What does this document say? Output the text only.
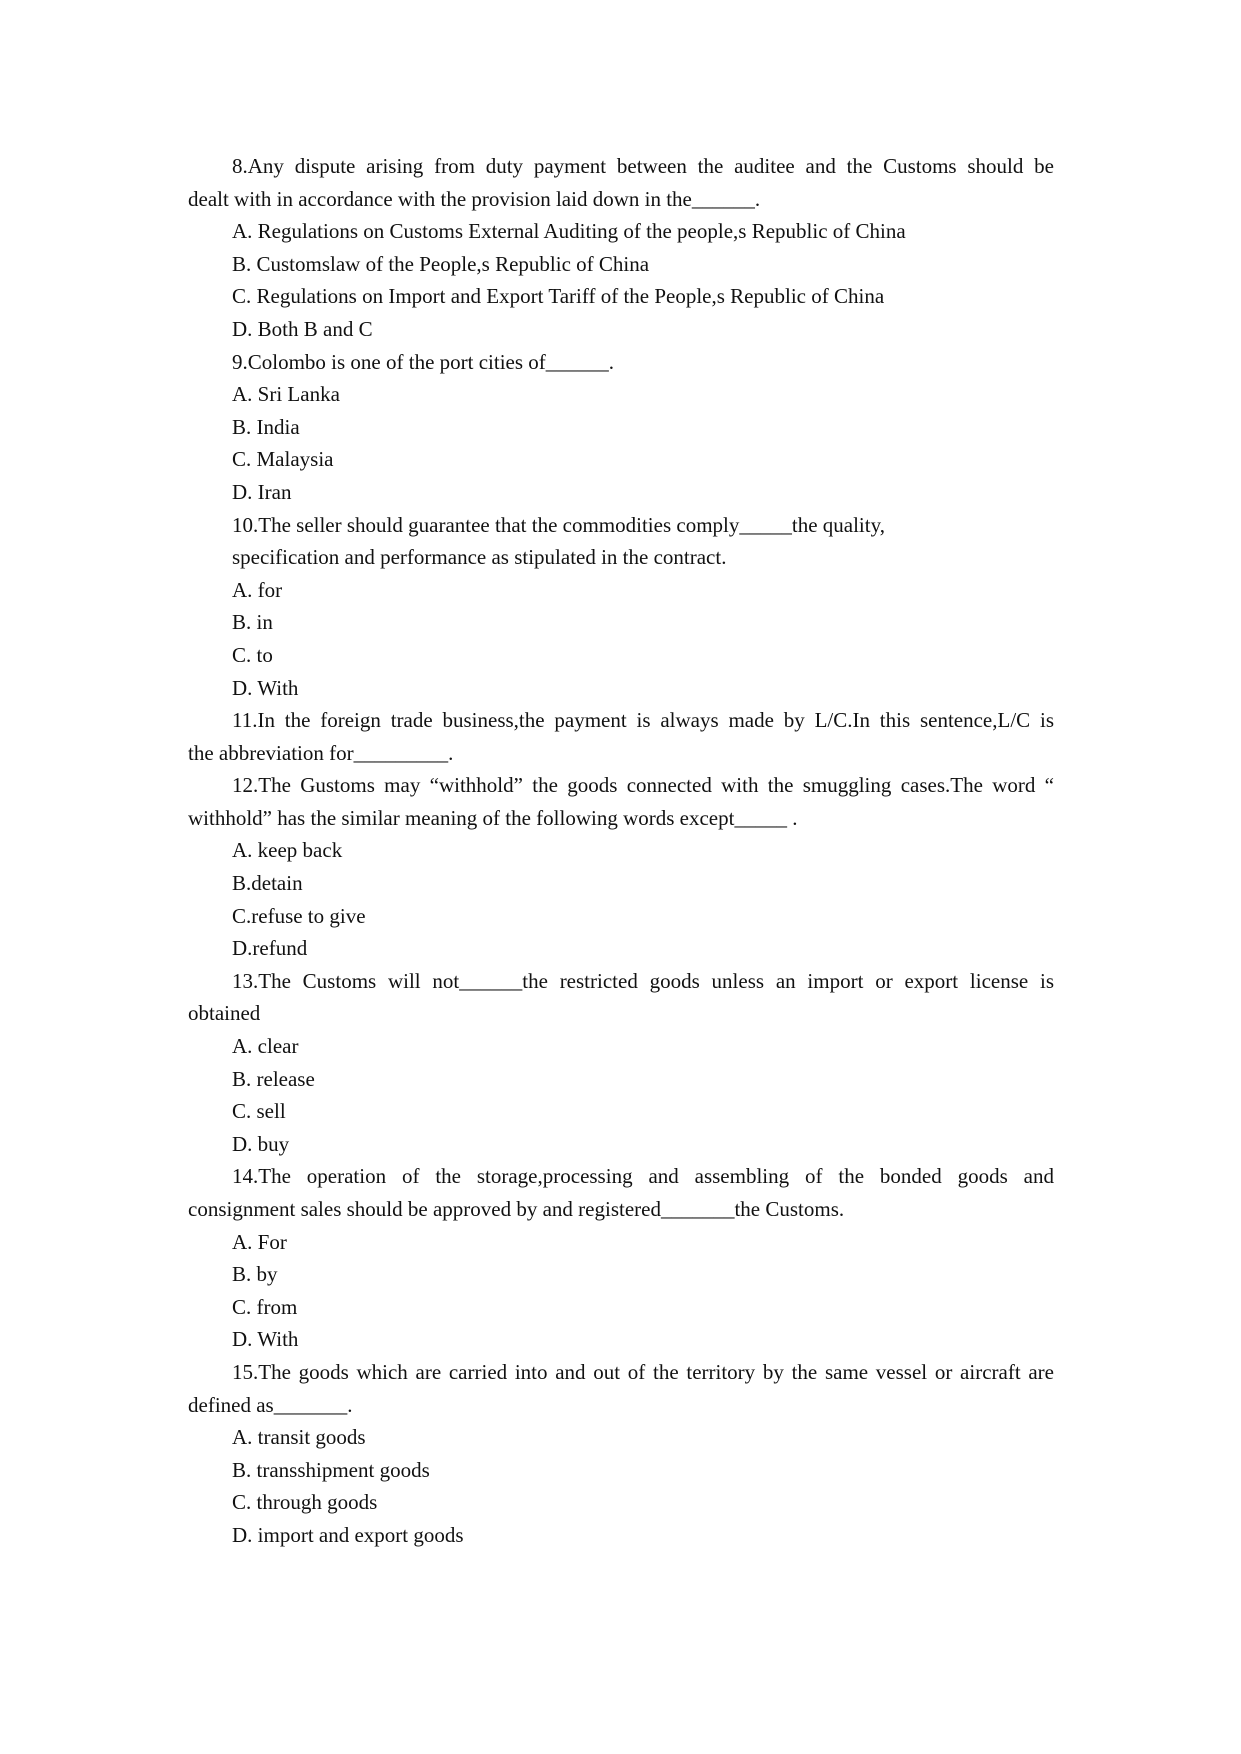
8.Any dispute arising from duty payment between the auditee and the Customs should be

dealt with in accordance with the provision laid down in the______.

A. Regulations on Customs External Auditing of the people,s Republic of China

B. Customslaw of the People,s Republic of China

C. Regulations on Import and Export Tariff of the People,s Republic of China

D. Both B and C

9.Colombo is one of the port cities of______.

A. Sri Lanka

B. India

C. Malaysia

D. Iran

10.The seller should guarantee that the commodities comply_____the quality,

specification and performance as stipulated in the contract.

A. for

B. in

C. to

D. With

11.In the foreign trade business,the payment is always made by L/C.In this sentence,L/C is

the abbreviation for_________.

12.The Gustoms may “withhold” the goods connected with the smuggling cases.The word “

withhold” has the similar meaning of the following words except_____ .

A. keep back

B.detain

C.refuse to give

D.refund

13.The Customs will not______the restricted goods unless an import or export license is

obtained

A. clear

B. release

C. sell

D. buy

14.The operation of the storage,processing and assembling of the bonded goods and

consignment sales should be approved by and registered_______the Customs.

A. For

B. by

C. from

D. With

15.The goods which are carried into and out of the territory by the same vessel or aircraft are

defined as_______.

A. transit goods

B. transshipment goods

C. through goods

D. import and export goods
